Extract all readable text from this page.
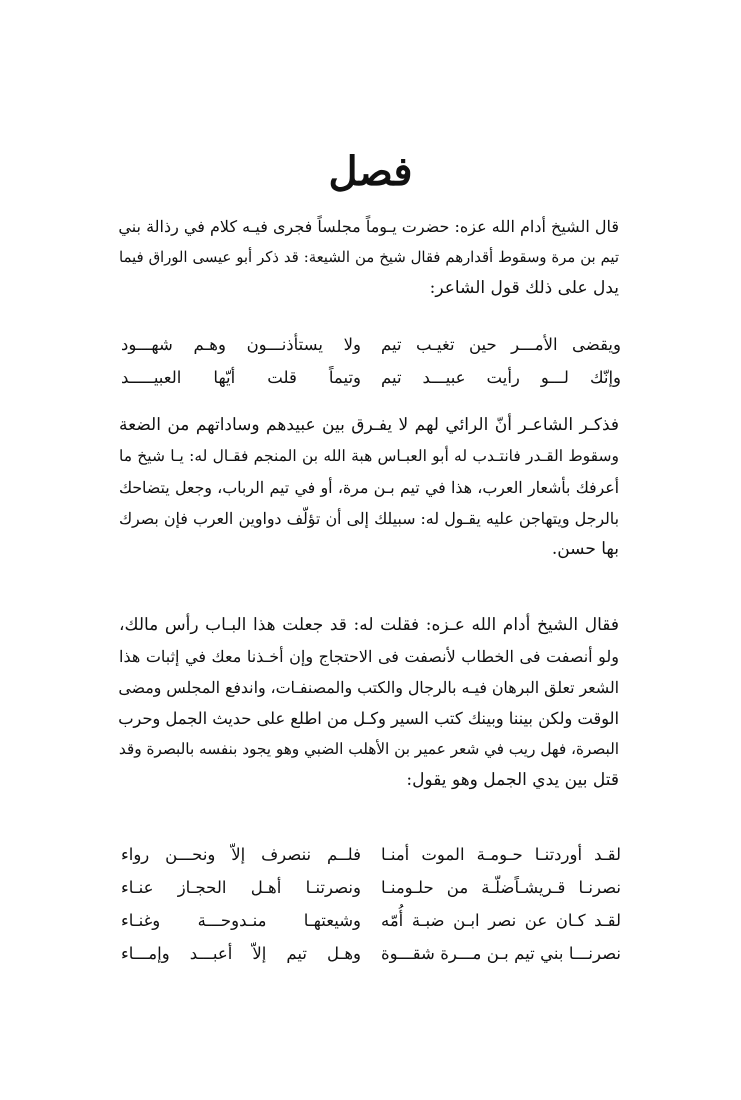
فصل
قال الشيخ أدام الله عزه: حضرت يـوماً مجلساً فجرى فيـه كلام في رذالة بني
تيم بن مرة وسقوط أقدارهم فقال شيخ من الشيعة: قد ذكر أبو عيسى الوراق فيما
يدل على ذلك قول الشاعر:
ويقضى الأمـــر حين تغيـب تيم
ولا يستأذنـــون وهـم شهـــود
وإنّك لـــو رأيت عبيـــد تيم
وتيماً قلت أيّها العبيـــــد
فذكـر الشاعـر أنّ الرائي لهم لا يفـرق بين عبيدهم وساداتهم من الضعة
وسقوط القـدر فانتـدب له أبو العبـاس هبة الله بن المنجم فقـال له: يـا شيخ ما
أعرفك بأشعار العرب، هذا في تيم بـن مرة، أو في تيم الرباب، وجعل يتضاحك
بالرجل ويتهاجن عليه يقـول له: سبيلك إلى أن تؤلّف دواوين العرب فإن بصرك
بها حسن.
فقال الشيخ أدام الله عـزه: فقلت له: قد جعلت هذا البـاب رأس مالك،
ولو أنصفت فى الخطاب لأنصفت فى الاحتجاج وإن أخـذنا معك في إثبات هذا
الشعر تعلق البرهان فيـه بالرجال والكتب والمصنفـات، واندفع المجلس ومضى
الوقت ولكن بيننا وبينك كتب السير وكـل من اطلع على حديث الجمل وحرب
البصرة، فهل ريب في شعر عمير بن الأهلب الضبي وهو يجود بنفسه بالبصرة وقد
قتل بين يدي الجمل وهو يقول:
لقـد أوردتنـا حـومـة الموت أمنـا
فلــم ننصرف إلاّ ونحـــن رواء
نصرنـا قـريشـاًضلّـة من حلـومنـا
ونصرتنـا أهـل الحجـاز عنـاء
لقـد كـان عن نصر ابـن ضبـة أُمّه
وشيعتهـا منـدوحـــة وغنـاء
نصرنـــا بني تيم بـن مـــرة شقـــوة
وهـل تيم إلاّ أعبـــد وإمـــاء
